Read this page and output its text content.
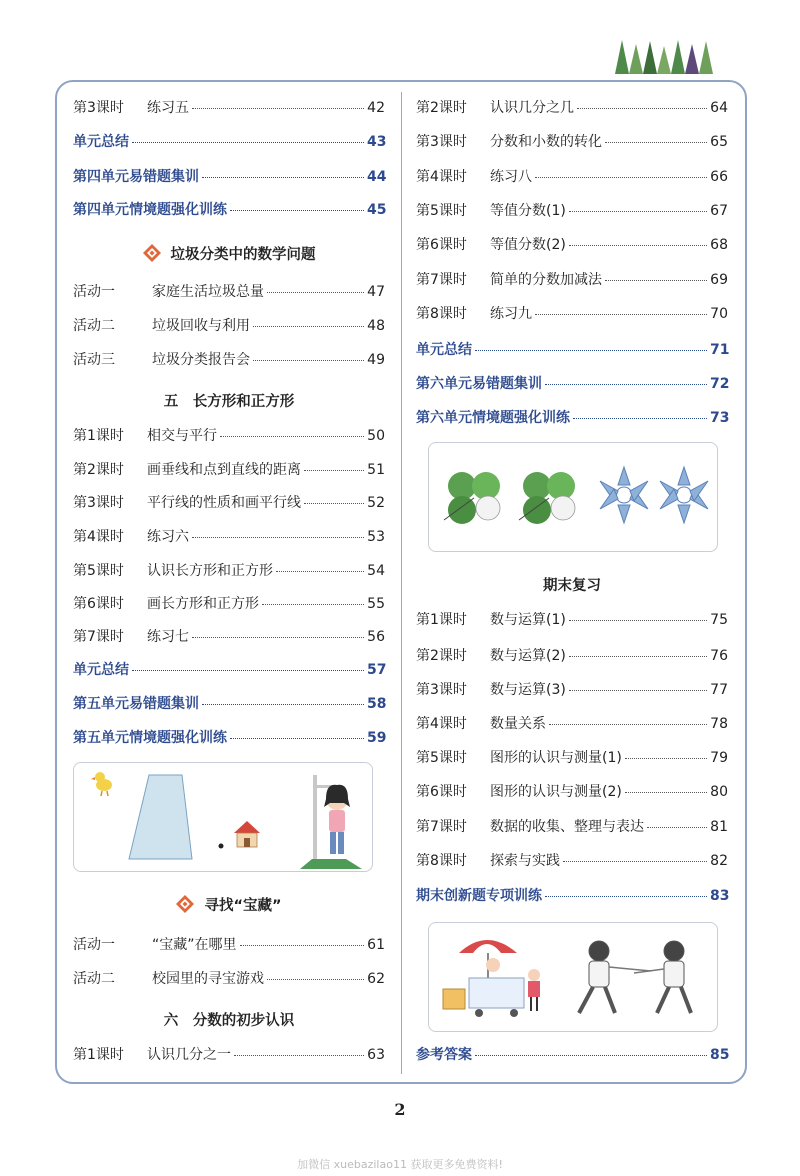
第3课时	练习五	42
单元总结	43
第四单元易错题集训	44
第四单元情境题强化训练	45
垃圾分类中的数学问题
活动一	家庭生活垃圾总量	47
活动二	垃圾回收与利用	48
活动三	垃圾分类报告会	49
五　长方形和正方形
第1课时	相交与平行	50
第2课时	画垂线和点到直线的距离	51
第3课时	平行线的性质和画平行线	52
第4课时	练习六	53
第5课时	认识长方形和正方形	54
第6课时	画长方形和正方形	55
第7课时	练习七	56
单元总结	57
第五单元易错题集训	58
第五单元情境题强化训练	59
寻找“宝藏”
活动一	“宝藏”在哪里	61
活动二	校园里的寻宝游戏	62
六　分数的初步认识
第1课时	认识几分之一	63
第2课时	认识几分之几	64
第3课时	分数和小数的转化	65
第4课时	练习八	66
第5课时	等值分数(1)	67
第6课时	等值分数(2)	68
第7课时	简单的分数加减法	69
第8课时	练习九	70
单元总结	71
第六单元易错题集训	72
第六单元情境题强化训练	73
期末复习
第1课时	数与运算(1)	75
第2课时	数与运算(2)	76
第3课时	数与运算(3)	77
第4课时	数量关系	78
第5课时	图形的认识与测量(1)	79
第6课时	图形的认识与测量(2)	80
第7课时	数据的收集、整理与表达	81
第8课时	探索与实践	82
期末创新题专项训练	83
参考答案	85
2
加微信 xuebazilao11 获取更多免费资料!
